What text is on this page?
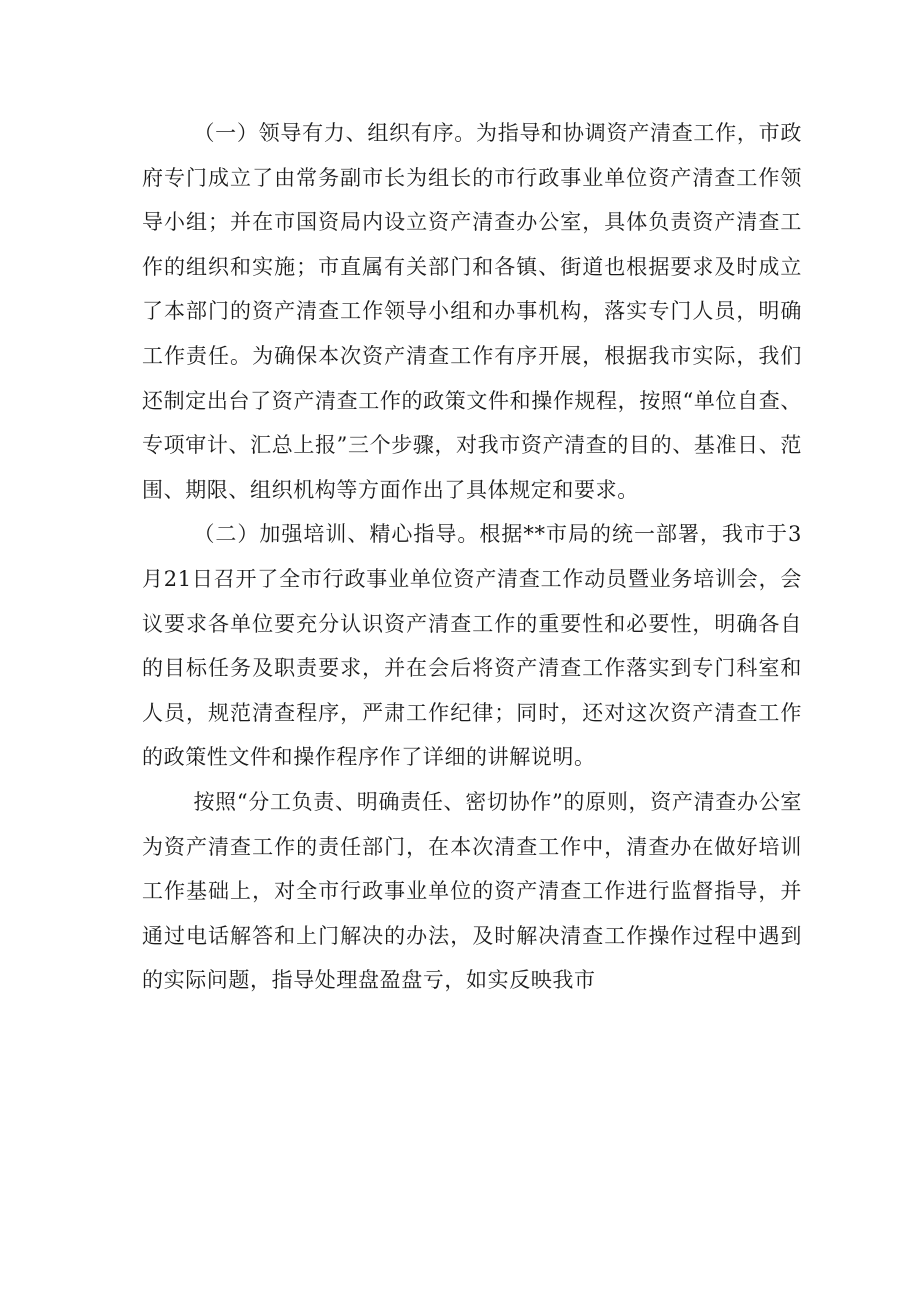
（一）领导有力、组织有序。为指导和协调资产清查工作，市政府专门成立了由常务副市长为组长的市行政事业单位资产清查工作领导小组；并在市国资局内设立资产清查办公室，具体负责资产清查工作的组织和实施；市直属有关部门和各镇、街道也根据要求及时成立了本部门的资产清查工作领导小组和办事机构，落实专门人员，明确工作责任。为确保本次资产清查工作有序开展，根据我市实际，我们还制定出台了资产清查工作的政策文件和操作规程，按照“单位自查、专项审计、汇总上报”三个步骤，对我市资产清查的目的、基准日、范围、期限、组织机构等方面作出了具体规定和要求。

（二）加强培训、精心指导。根据**市局的统一部署，我市于3月21日召开了全市行政事业单位资产清查工作动员暨业务培训会，会议要求各单位要充分认识资产清查工作的重要性和必要性，明确各自的目标任务及职责要求，并在会后将资产清查工作落实到专门科室和人员，规范清查程序，严肃工作纪律；同时，还对这次资产清查工作的政策性文件和操作程序作了详细的讲解说明。

按照“分工负责、明确责任、密切协作”的原则，资产清查办公室为资产清查工作的责任部门，在本次清查工作中，清查办在做好培训工作基础上，对全市行政事业单位的资产清查工作进行监督指导，并通过电话解答和上门解决的办法，及时解决清查工作操作过程中遇到的实际问题，指导处理盘盈盘亏，如实反映我市
